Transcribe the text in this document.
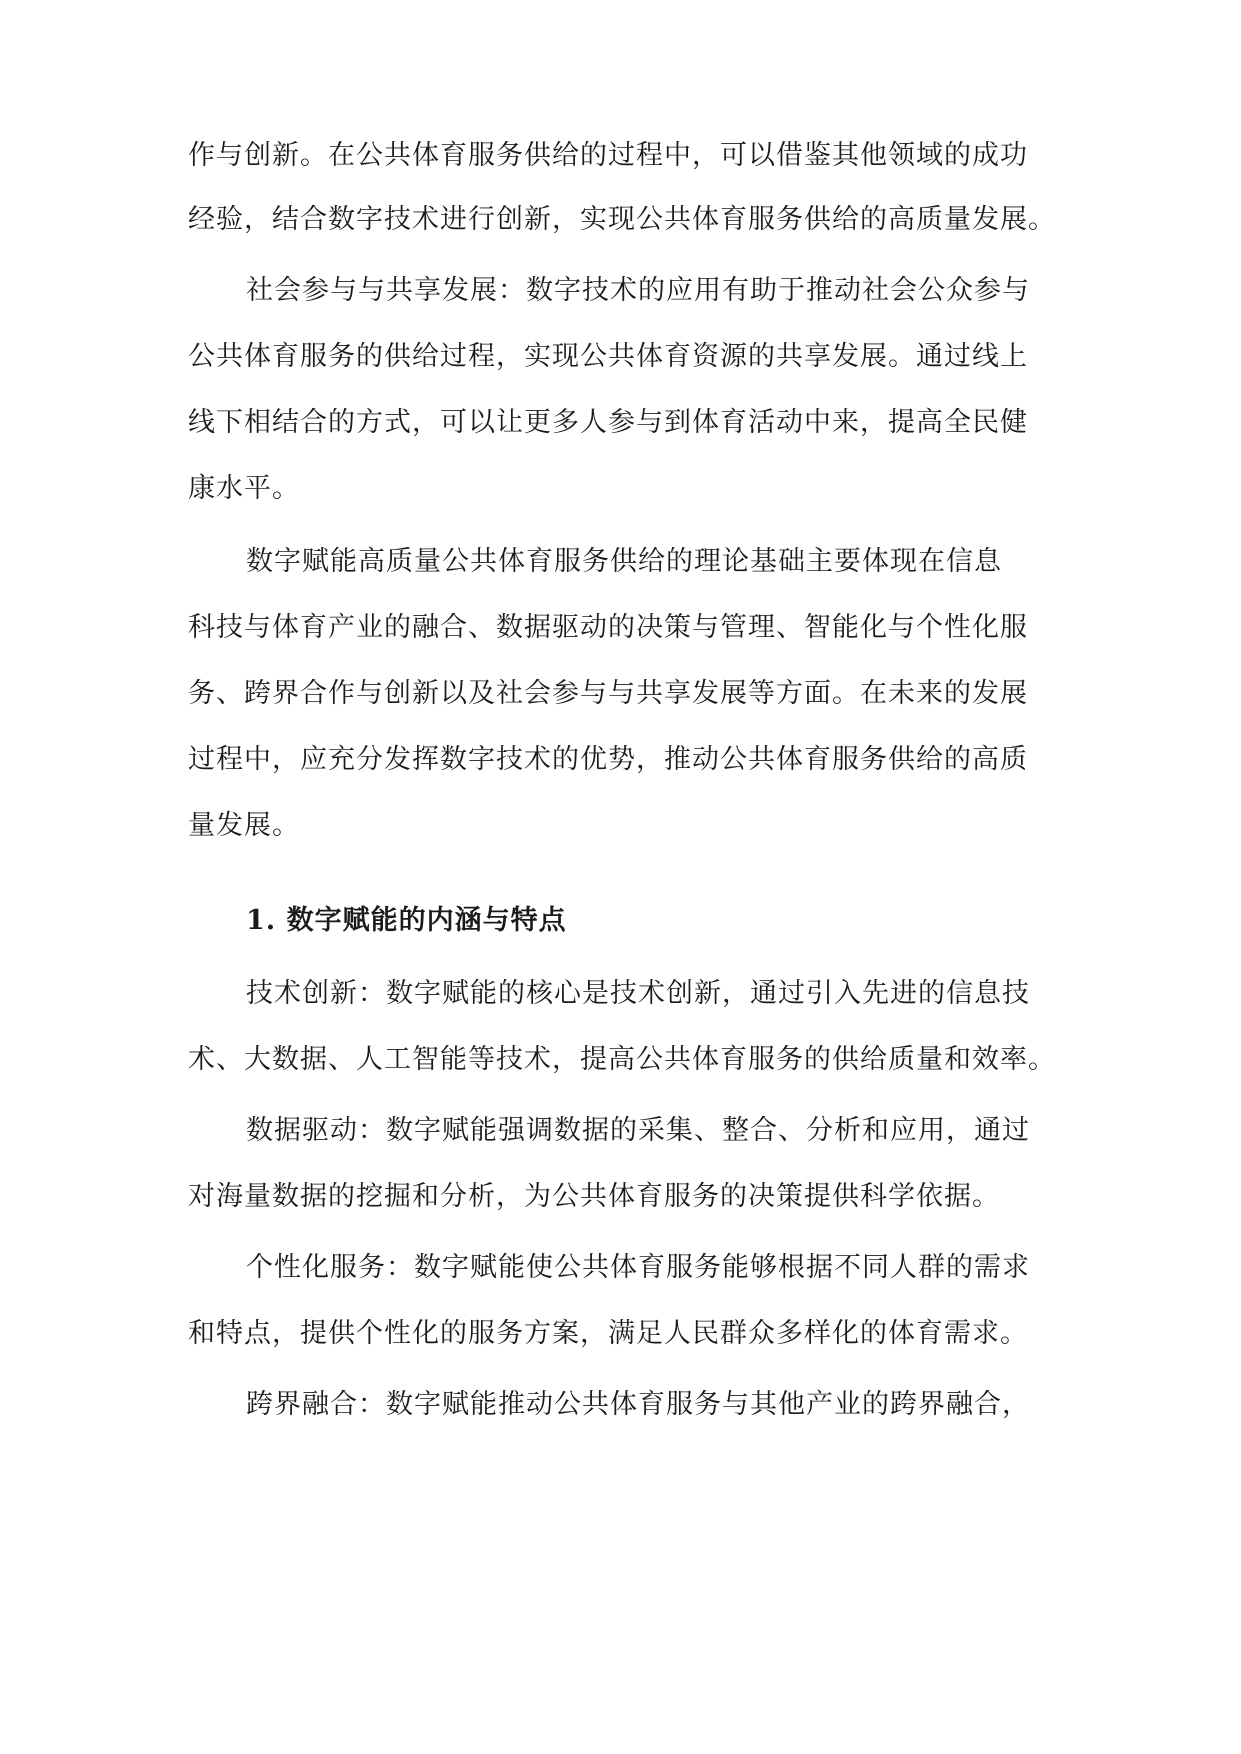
作与创新。在公共体育服务供给的过程中，可以借鉴其他领域的成功
经验，结合数字技术进行创新，实现公共体育服务供给的高质量发展。
社会参与与共享发展：数字技术的应用有助于推动社会公众参与
公共体育服务的供给过程，实现公共体育资源的共享发展。通过线上
线下相结合的方式，可以让更多人参与到体育活动中来，提高全民健
康水平。
数字赋能高质量公共体育服务供给的理论基础主要体现在信息
科技与体育产业的融合、数据驱动的决策与管理、智能化与个性化服
务、跨界合作与创新以及社会参与与共享发展等方面。在未来的发展
过程中，应充分发挥数字技术的优势，推动公共体育服务供给的高质
量发展。
1. 数字赋能的内涵与特点
技术创新：数字赋能的核心是技术创新，通过引入先进的信息技
术、大数据、人工智能等技术，提高公共体育服务的供给质量和效率。
数据驱动：数字赋能强调数据的采集、整合、分析和应用，通过
对海量数据的挖掘和分析，为公共体育服务的决策提供科学依据。
个性化服务：数字赋能使公共体育服务能够根据不同人群的需求
和特点，提供个性化的服务方案，满足人民群众多样化的体育需求。
跨界融合：数字赋能推动公共体育服务与其他产业的跨界融合，
